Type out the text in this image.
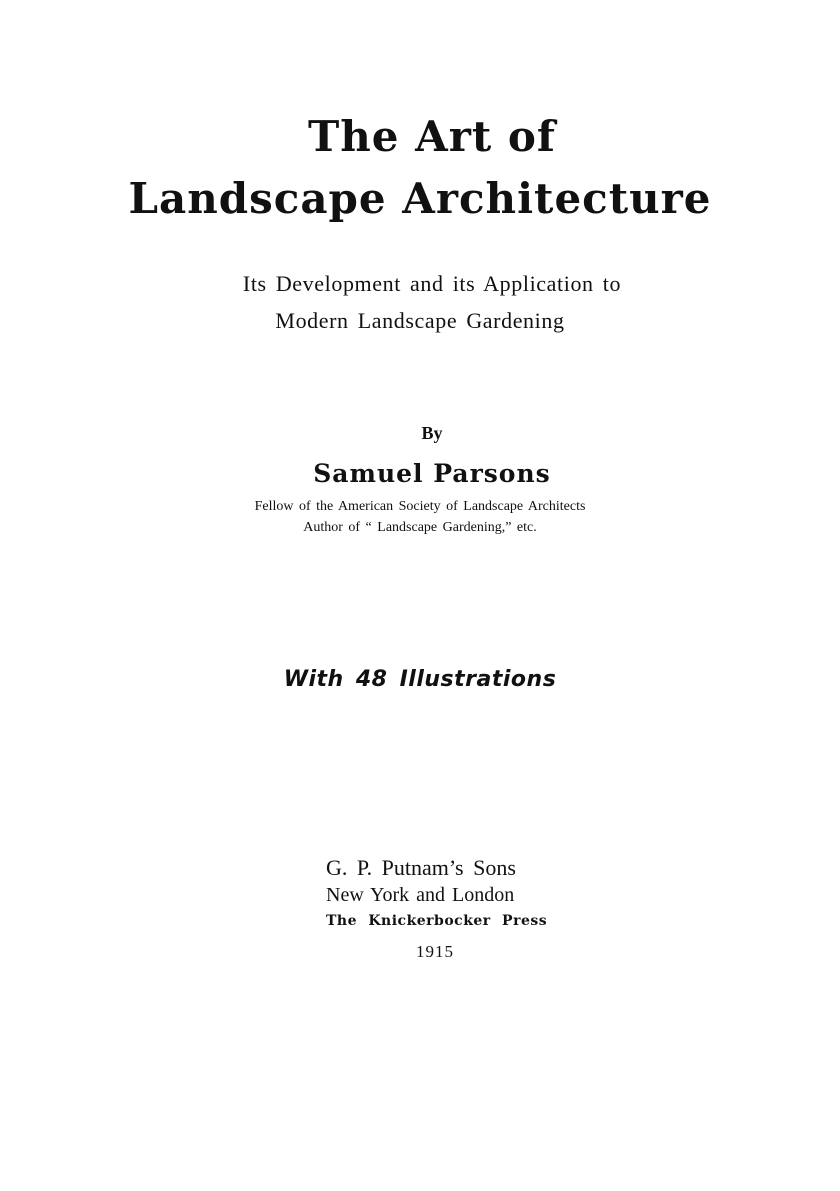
The Art of
Landscape Architecture
Its Development and its Application to
Modern Landscape Gardening
By
Samuel Parsons
Fellow of the American Society of Landscape Architects
Author of “ Landscape Gardening,” etc.
With 48 Illustrations
G. P. Putnam’s Sons
New York and London
The Knickerbocker Press
1915
